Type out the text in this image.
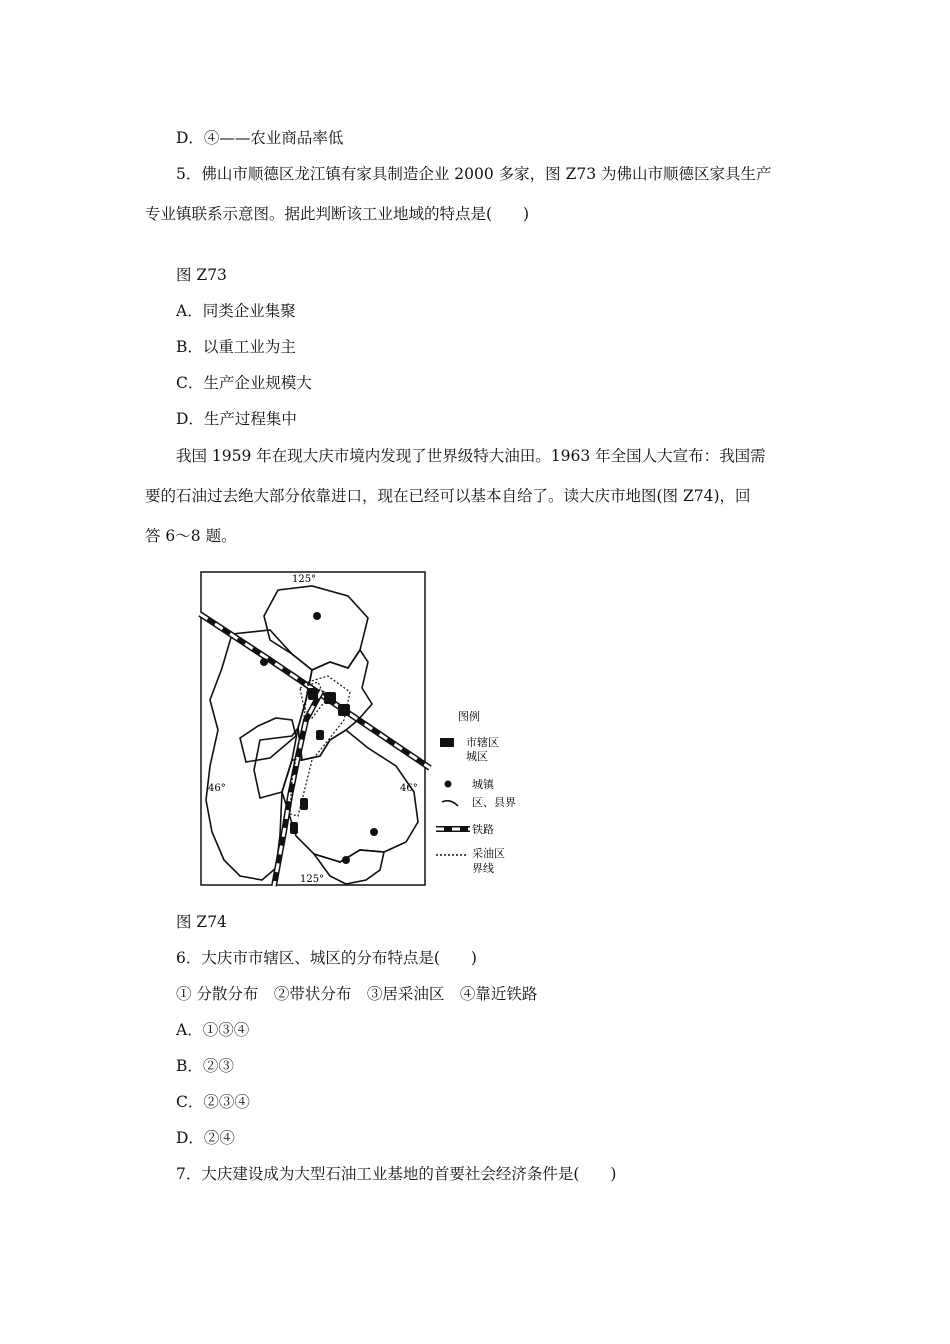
D．④——农业商品率低
5．佛山市顺德区龙江镇有家具制造企业 2000 多家，图 Z73 为佛山市顺德区家具生产
专业镇联系示意图。据此判断该工业地域的特点是(　　)
图 Z73
A．同类企业集聚
B．以重工业为主
C．生产企业规模大
D．生产过程集中
我国 1959 年在现大庆市境内发现了世界级特大油田。1963 年全国人大宣布：我国需
要的石油过去绝大部分依靠进口，现在已经可以基本自给了。读大庆市地图(图 Z74)，回
答 6～8 题。
125°
125°
46°	46°
图例
市辖区
城区
城镇
区、县界
铁路
采油区
界线
图 Z74
6．大庆市市辖区、城区的分布特点是(　　)
① 分散分布　②带状分布　③居采油区　④靠近铁路
A．①③④
B．②③
C．②③④
D．②④
7．大庆建设成为大型石油工业基地的首要社会经济条件是(　　)
